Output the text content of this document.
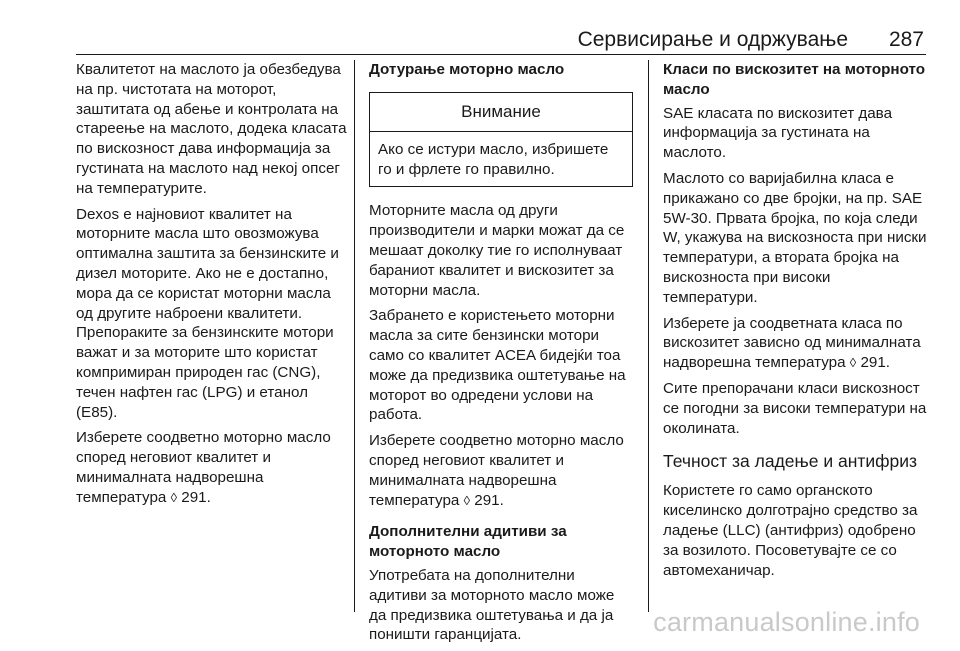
Сервисирање и одржување 287

Квалитетот на маслото ја обезбедува на пр. чистотата на моторот, заштитата од абење и контролата на стареење на маслото, додека класата по вискозност дава информација за густината на маслото над некој опсег на температурите.

Dexos е најновиот квалитет на моторните масла што овозможува оптимална заштита за бензинските и дизел моторите. Ако не е достапно, мора да се користат моторни масла од другите наброени квалитети. Препораките за бензинските мотори важат и за моторите што користат компримиран природен гас (CNG), течен нафтен гас (LPG) и етанол (E85).

Изберете соодветно моторно масло според неговиот квалитет и минималната надворешна температура ◊ 291.

Дотурање моторно масло
Внимание
Ако се истури масло, избришете го и фрлете го правилно.

Моторните масла од други производители и марки можат да се мешаат доколку тие го исполнуваат бараниот квалитет и вискозитет за моторни масла.

Забрането е користењето моторни масла за сите бензински мотори само со квалитет ACEA бидејќи тоа може да предизвика оштетување на моторот во одредени услови на работа.

Изберете соодветно моторно масло според неговиот квалитет и минималната надворешна температура ◊ 291.

Дополнителни адитиви за моторното масло

Употребата на дополнителни адитиви за моторното масло може да предизвика оштетувања и да ја поништи гаранцијата.

Класи по вискозитет на моторното масло

SAE класата по вискозитет дава информација за густината на маслото.

Маслото со варијабилна класа е прикажано со две бројки, на пр. SAE 5W-30. Првата бројка, по која следи W, укажува на вискозноста при ниски температури, а втората бројка на вискозноста при високи температури.

Изберете ја соодветната класа по вискозитет зависно од минималната надворешна температура ◊ 291.

Сите препорачани класи вискозност се погодни за високи температури на околината.

Течност за ладење и антифриз

Користете го само органското киселинско долготрајно средство за ладење (LLC) (антифриз) одобрено за возилото. Посоветувајте се со автомеханичар.

carmanualsonline.info
